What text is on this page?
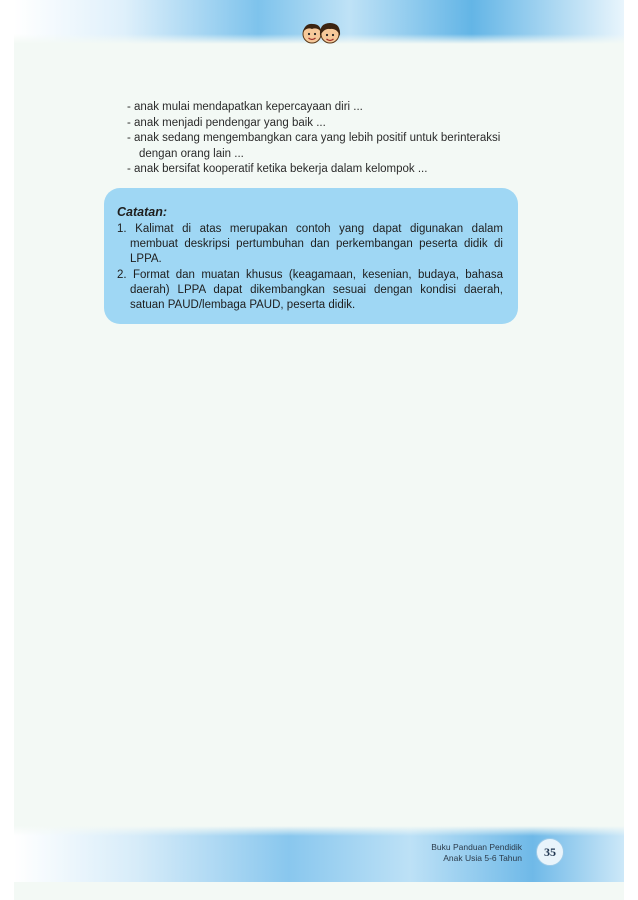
- anak mulai mendapatkan kepercayaan diri ...
- anak menjadi pendengar yang baik ...
- anak sedang mengembangkan cara yang lebih positif untuk berinteraksi dengan orang lain ...
- anak bersifat kooperatif ketika bekerja dalam kelompok ...
Catatan:
1. Kalimat di atas merupakan contoh yang dapat digunakan dalam membuat deskripsi pertumbuhan dan perkembangan peserta didik di LPPA.
2. Format dan muatan khusus (keagamaan, kesenian, budaya, bahasa daerah) LPPA dapat dikembangkan sesuai dengan kondisi daerah, satuan PAUD/lembaga PAUD, peserta didik.
Buku Panduan Pendidik
Anak Usia 5-6 Tahun	35
